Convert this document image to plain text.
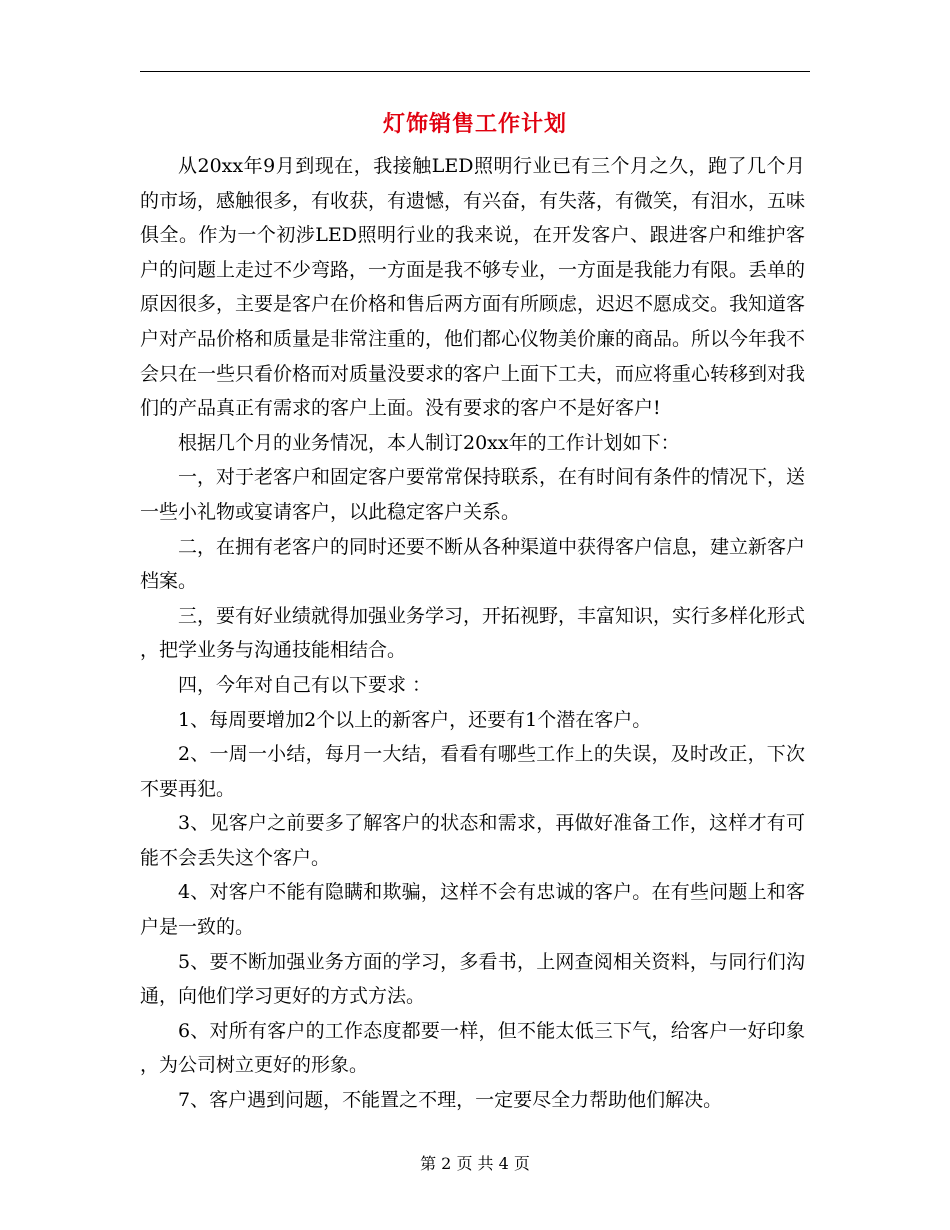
灯饰销售工作计划

从20xx年9月到现在，我接触LED照明行业已有三个月之久，跑了几个月的市场，感触很多，有收获，有遗憾，有兴奋，有失落，有微笑，有泪水，五味俱全。作为一个初涉LED照明行业的我来说，在开发客户、跟进客户和维护客户的问题上走过不少弯路，一方面是我不够专业，一方面是我能力有限。丢单的原因很多，主要是客户在价格和售后两方面有所顾虑，迟迟不愿成交。我知道客户对产品价格和质量是非常注重的，他们都心仪物美价廉的商品。所以今年我不会只在一些只看价格而对质量没要求的客户上面下工夫，而应将重心转移到对我们的产品真正有需求的客户上面。没有要求的客户不是好客户!

根据几个月的业务情况，本人制订20xx年的工作计划如下：

一，对于老客户和固定客户要常常保持联系，在有时间有条件的情况下，送一些小礼物或宴请客户，以此稳定客户关系。

二，在拥有老客户的同时还要不断从各种渠道中获得客户信息，建立新客户档案。

三，要有好业绩就得加强业务学习，开拓视野，丰富知识，实行多样化形式，把学业务与沟通技能相结合。

四，今年对自己有以下要求 ：

1、每周要增加2个以上的新客户，还要有1个潜在客户。

2、一周一小结，每月一大结，看看有哪些工作上的失误，及时改正，下次不要再犯。

3、见客户之前要多了解客户的状态和需求，再做好准备工作，这样才有可能不会丢失这个客户。

4、对客户不能有隐瞒和欺骗，这样不会有忠诚的客户。在有些问题上和客户是一致的。

5、要不断加强业务方面的学习，多看书，上网查阅相关资料，与同行们沟通，向他们学习更好的方式方法。

6、对所有客户的工作态度都要一样，但不能太低三下气，给客户一好印象，为公司树立更好的形象。

7、客户遇到问题，不能置之不理，一定要尽全力帮助他们解决。

第 2 页 共 4 页
